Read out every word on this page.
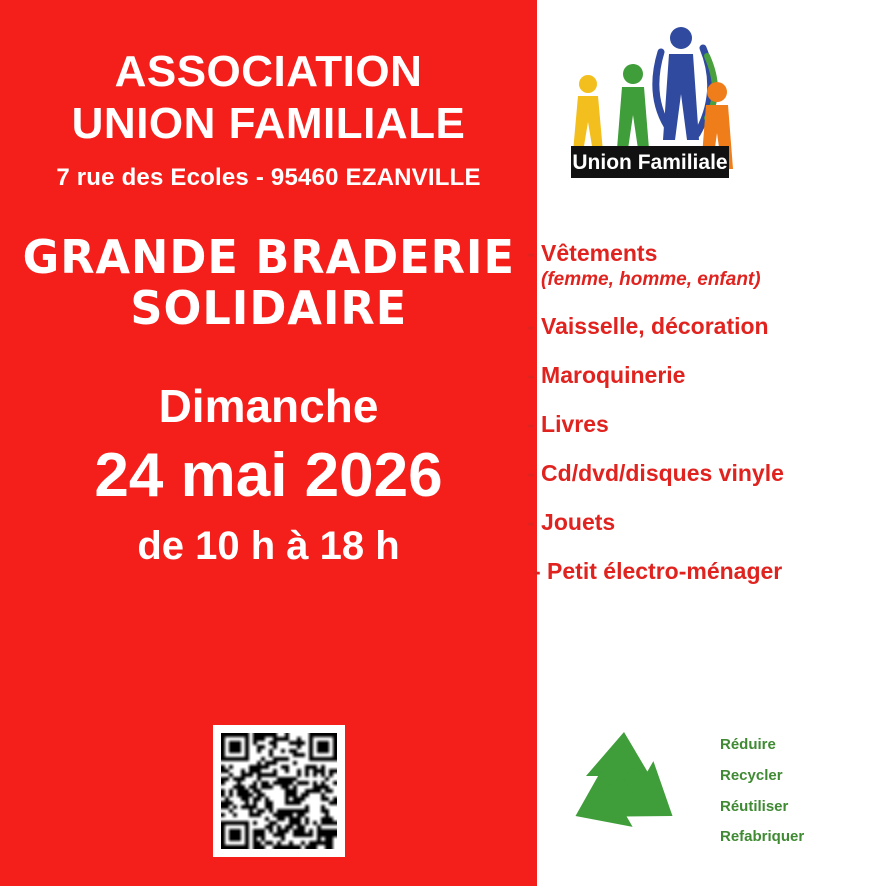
ASSOCIATION
UNION FAMILIALE
7 rue des Ecoles - 95460 EZANVILLE
GRANDE BRADERIE
SOLIDAIRE
Dimanche
24 mai 2026
de 10 h à 18 h
Union Familiale
- Vêtements
(femme, homme, enfant)
- Vaisselle, décoration
- Maroquinerie
- Livres
- Cd/dvd/disques vinyle
- Jouets
- Petit électro-ménager
Réduire
Recycler
Réutiliser
Refabriquer
